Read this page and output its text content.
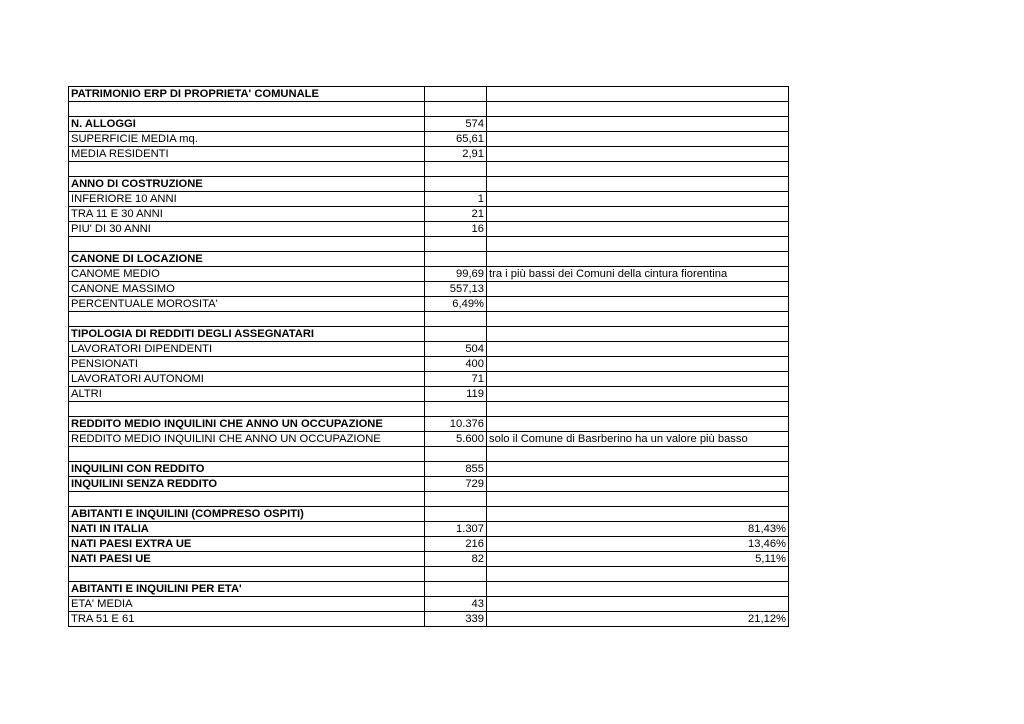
PATRIMONIO ERP DI PROPRIETA' COMUNALE		

N. ALLOGGI	574	
SUPERFICIE MEDIA mq.	65,61	
MEDIA RESIDENTI	2,91	

ANNO DI COSTRUZIONE		
INFERIORE 10 ANNI	1	
TRA 11 E 30 ANNI	21	
PIU' DI 30 ANNI	16	

CANONE DI LOCAZIONE		
CANOME MEDIO	99,69	tra i più bassi dei Comuni della cintura fiorentina
CANONE MASSIMO	557,13	
PERCENTUALE MOROSITA'	6,49%	

TIPOLOGIA DI REDDITI DEGLI ASSEGNATARI		
LAVORATORI DIPENDENTI	504	
PENSIONATI	400	
LAVORATORI AUTONOMI	71	
ALTRI	119	

REDDITO MEDIO INQUILINI CHE ANNO UN OCCUPAZIONE	10.376	
REDDITO MEDIO INQUILINI CHE ANNO UN OCCUPAZIONE	5.600	solo il Comune di Basrberino ha un valore più basso

INQUILINI CON REDDITO	855	
INQUILINI SENZA REDDITO	729	

ABITANTI E INQUILINI (COMPRESO OSPITI)		
NATI IN ITALIA	1.307	81,43%
NATI PAESI EXTRA UE	216	13,46%
NATI PAESI UE	82	5,11%

ABITANTI E INQUILINI PER ETA'		
ETA' MEDIA	43	
TRA 51 E 61	339	21,12%
